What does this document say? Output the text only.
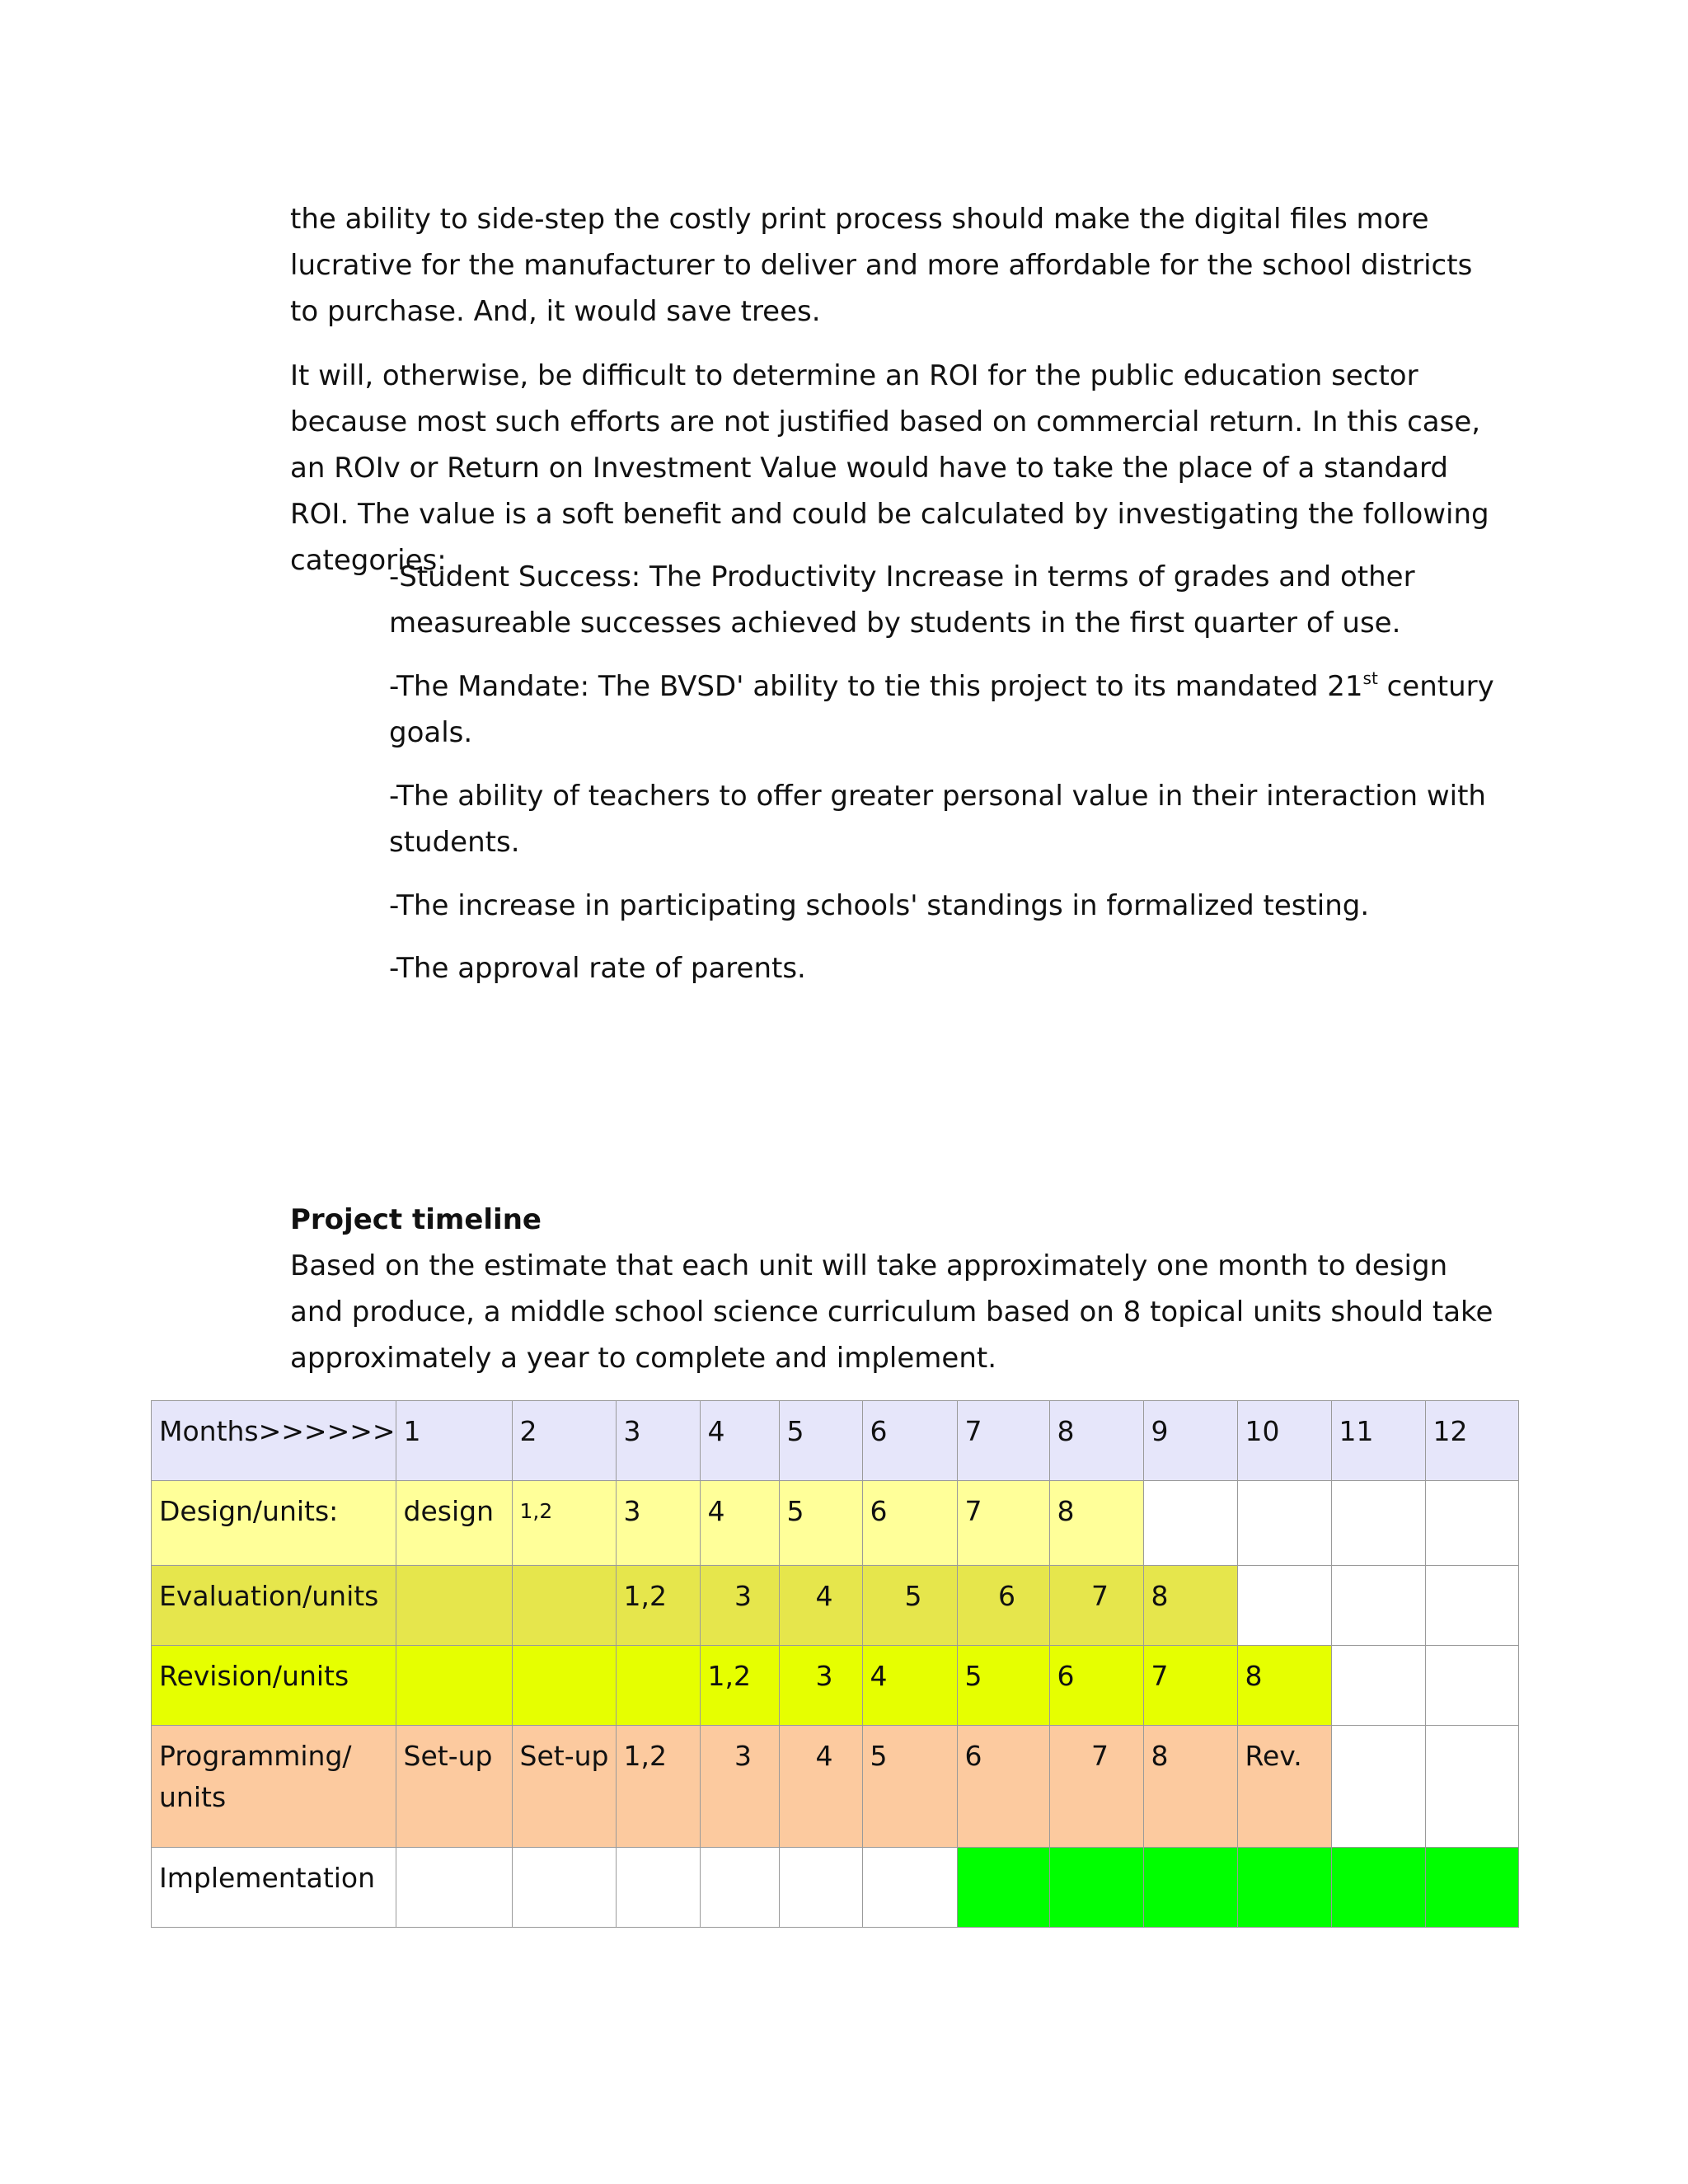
the ability to side-step the costly print process should make the digital files more lucrative for the manufacturer to deliver and more affordable for the school districts to purchase. And, it would save trees.

It will, otherwise, be difficult to determine an ROI for the public education sector because most such efforts are not justified based on commercial return. In this case, an ROIv or Return on Investment Value would have to take the place of a standard ROI. The value is a soft benefit and could be calculated by investigating the following categories:

-Student Success: The Productivity Increase in terms of grades and other measureable successes achieved by students in the first quarter of use.

-The Mandate: The BVSD' ability to tie this project to its mandated 21st century goals.

-The ability of teachers to offer greater personal value in their interaction with students.

-The increase in participating schools' standings in formalized testing.

-The approval rate of parents.

Project timeline

Based on the estimate that each unit will take approximately one month to design and produce, a middle school science curriculum based on 8 topical units should take approximately a year to complete and implement.

Months>>>>>>	1	2	3	4	5	6	7	8	9	10	11	12
Design/units:	design	1,2	3	4	5	6	7	8				
Evaluation/units			1,2	3	4	5	6	7	8			
Revision/units				1,2	3	4	5	6	7	8		
Programming/ units	Set-up	Set-up	1,2	3	4	5	6	7	8	Rev.		
Implementation												
